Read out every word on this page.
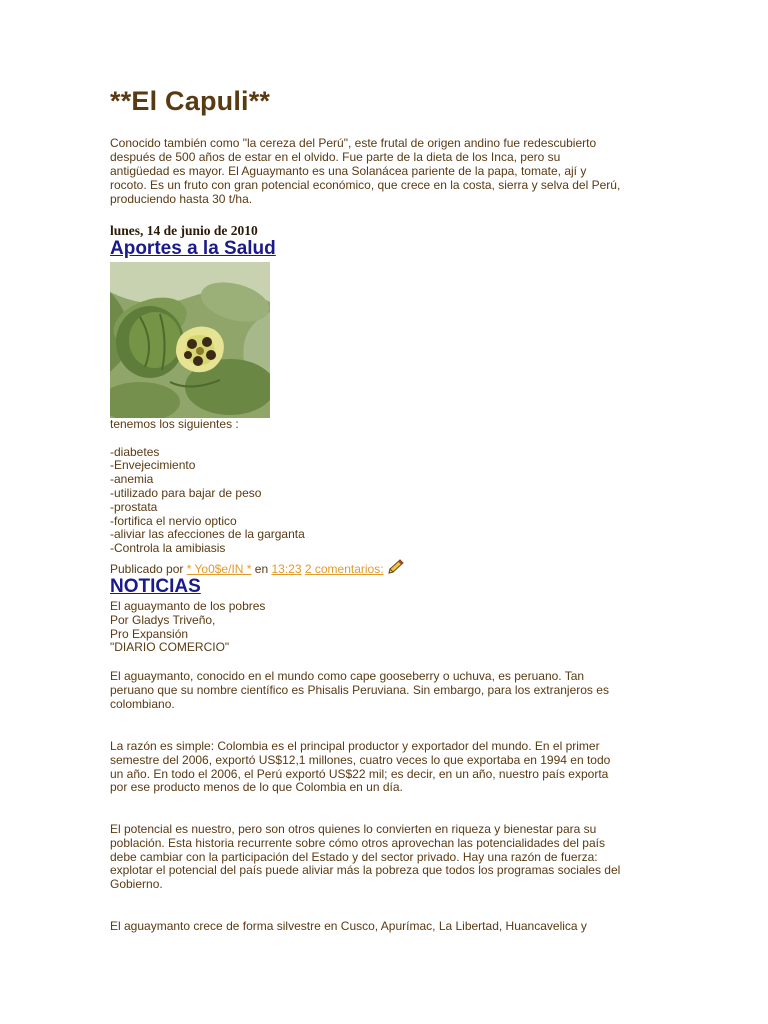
**El Capuli**
Conocido también como "la cereza del Perú", este frutal de origen andino fue redescubierto
después de 500 años de estar en el olvido. Fue parte de la dieta de los Inca, pero su
antigüedad es mayor. El Aguaymanto es una Solanácea pariente de la papa, tomate, ají y
rocoto. Es un fruto con gran potencial económico, que crece en la costa, sierra y selva del Perú,
produciendo hasta 30 t/ha.
lunes, 14 de junio de 2010
Aportes a la Salud
tenemos los siguientes :
-diabetes
-Envejecimiento
-anemia
-utilizado para bajar de peso
-prostata
-fortifica el nervio optico
-aliviar las afecciones de la garganta
-Controla la amibiasis
Publicado por * Yo0$e/IN * en 13:23 2 comentarios:
NOTICIAS
El aguaymanto de los pobres
Por Gladys Triveño,
Pro Expansión
"DIARIO COMERCIO"
El aguaymanto, conocido en el mundo como cape gooseberry o uchuva, es peruano. Tan
peruano que su nombre científico es Phisalis Peruviana. Sin embargo, para los extranjeros es
colombiano.
La razón es simple: Colombia es el principal productor y exportador del mundo. En el primer
semestre del 2006, exportó US$12,1 millones, cuatro veces lo que exportaba en 1994 en todo
un año. En todo el 2006, el Perú exportó US$22 mil; es decir, en un año, nuestro país exporta
por ese producto menos de lo que Colombia en un día.
El potencial es nuestro, pero son otros quienes lo convierten en riqueza y bienestar para su
población. Esta historia recurrente sobre cómo otros aprovechan las potencialidades del país
debe cambiar con la participación del Estado y del sector privado. Hay una razón de fuerza:
explotar el potencial del país puede aliviar más la pobreza que todos los programas sociales del
Gobierno.
El aguaymanto crece de forma silvestre en Cusco, Apurímac, La Libertad, Huancavelica y
